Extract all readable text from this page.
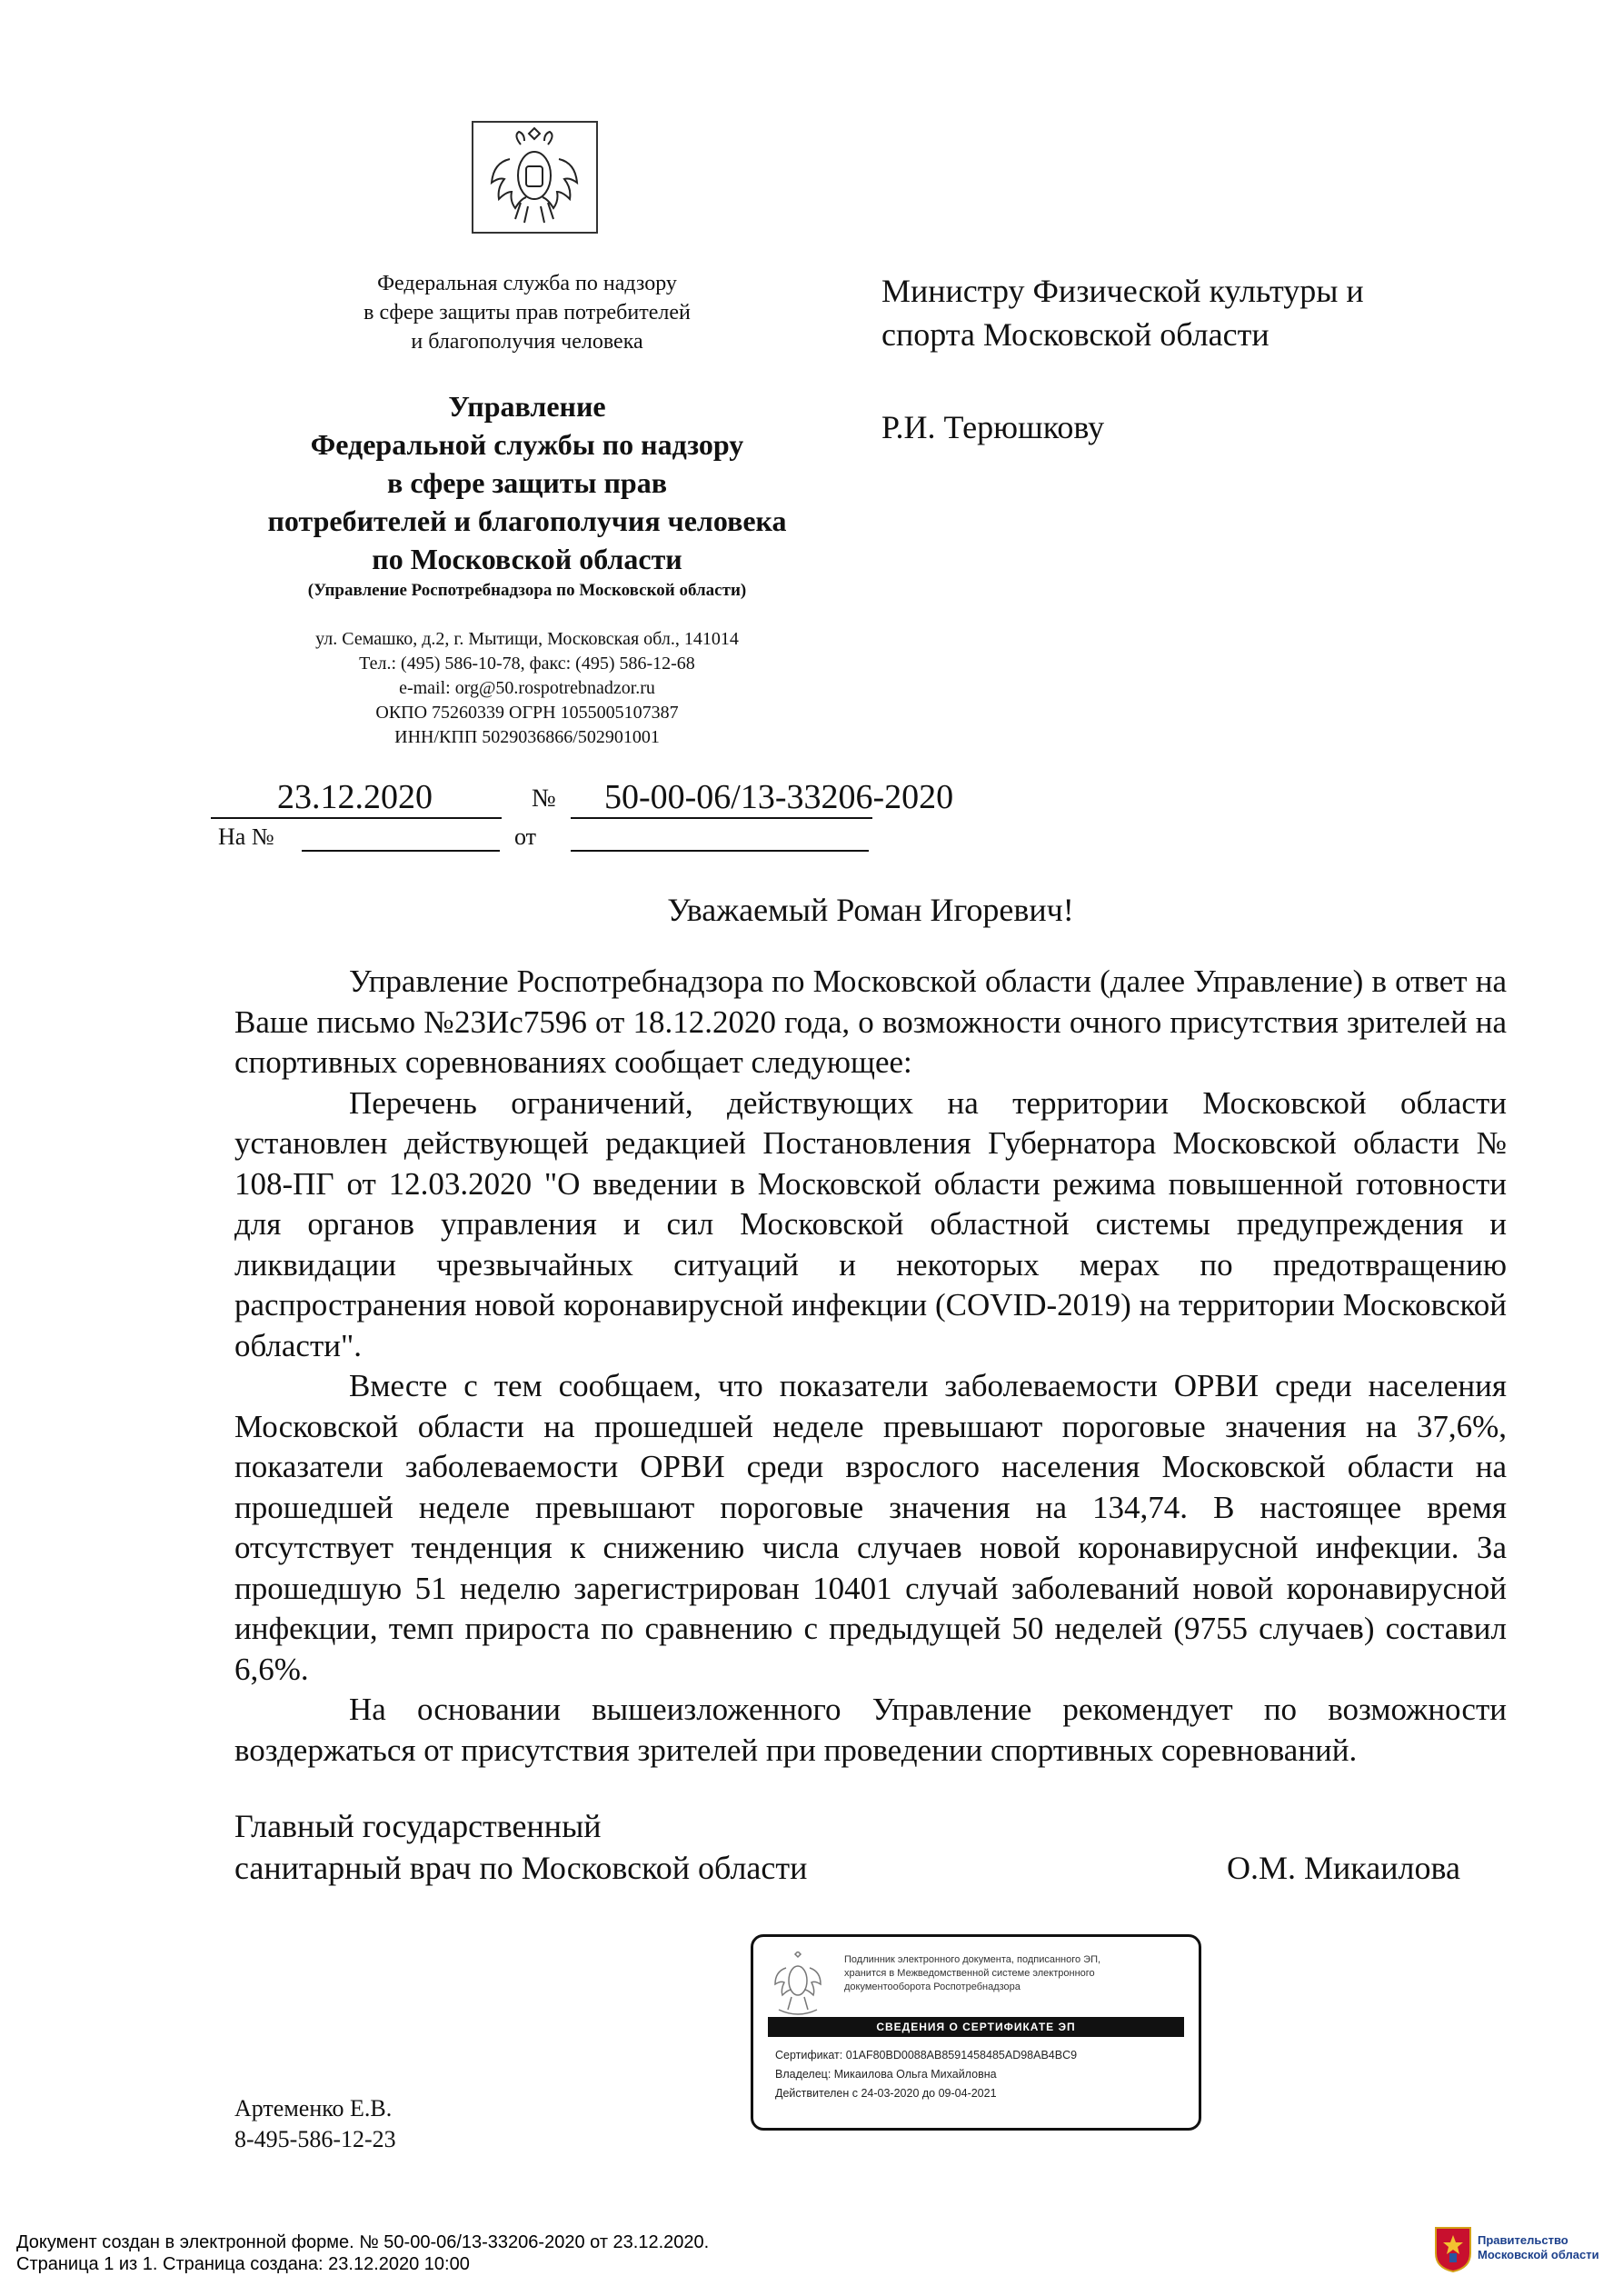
Федеральная служба по надзору
в сфере защиты прав потребителей
и благополучия человека
Управление
Федеральной службы по надзору
в сфере защиты прав
потребителей и благополучия человека
по Московской области
(Управление Роспотребнадзора по Московской области)
ул. Семашко, д.2, г. Мытищи, Московская обл., 141014
Тел.: (495) 586-10-78, факс: (495) 586-12-68
e-mail: org@50.rospotrebnadzor.ru
ОКПО 75260339 ОГРН 1055005107387
ИНН/КПП 5029036866/502901001
Министру Физической культуры и
спорта Московской области
Р.И. Терюшкову
23.12.2020	№ 50-00-06/13-33206-2020
На №	от
Уважаемый Роман Игоревич!

Управление Роспотребнадзора по Московской области (далее Управление) в ответ на Ваше письмо №23Ис7596 от 18.12.2020 года, о возможности очного присутствия зрителей на спортивных соревнованиях сообщает следующее:

Перечень ограничений, действующих на территории Московской области установлен действующей редакцией Постановления Губернатора Московской области № 108-ПГ от 12.03.2020 "О введении в Московской области режима повышенной готовности для органов управления и сил Московской областной системы предупреждения и ликвидации чрезвычайных ситуаций и некоторых мерах по предотвращению распространения новой коронавирусной инфекции (COVID-2019) на территории Московской области".

Вместе с тем сообщаем, что показатели заболеваемости ОРВИ среди населения Московской области на прошедшей неделе превышают пороговые значения на 37,6%, показатели заболеваемости ОРВИ среди взрослого населения Московской области на прошедшей неделе превышают пороговые значения на 134,74. В настоящее время отсутствует тенденция к снижению числа случаев новой коронавирусной инфекции. За прошедшую 51 неделю зарегистрирован 10401 случай заболеваний новой коронавирусной инфекции, темп прироста по сравнению с предыдущей 50 неделей (9755 случаев) составил 6,6%.

На основании вышеизложенного Управление рекомендует по возможности воздержаться от присутствия зрителей при проведении спортивных соревнований.

Главный государственный
санитарный врач по Московской области	О.М. Микаилова
Подлинник электронного документа, подписанного ЭП,
хранится в Межведомственной системе электронного
документооборота Роспотребнадзора
СВЕДЕНИЯ О СЕРТИФИКАТЕ ЭП
Сертификат: 01AF80BD0088AB8591458485AD98AB4BC9
Владелец: Микаилова Ольга Михайловна
Действителен с 24-03-2020 до 09-04-2021
Артеменко Е.В.
8-495-586-12-23
Документ создан в электронной форме. № 50-00-06/13-33206-2020 от 23.12.2020.
Страница 1 из 1. Страница создана: 23.12.2020 10:00
Правительство
Московской области
